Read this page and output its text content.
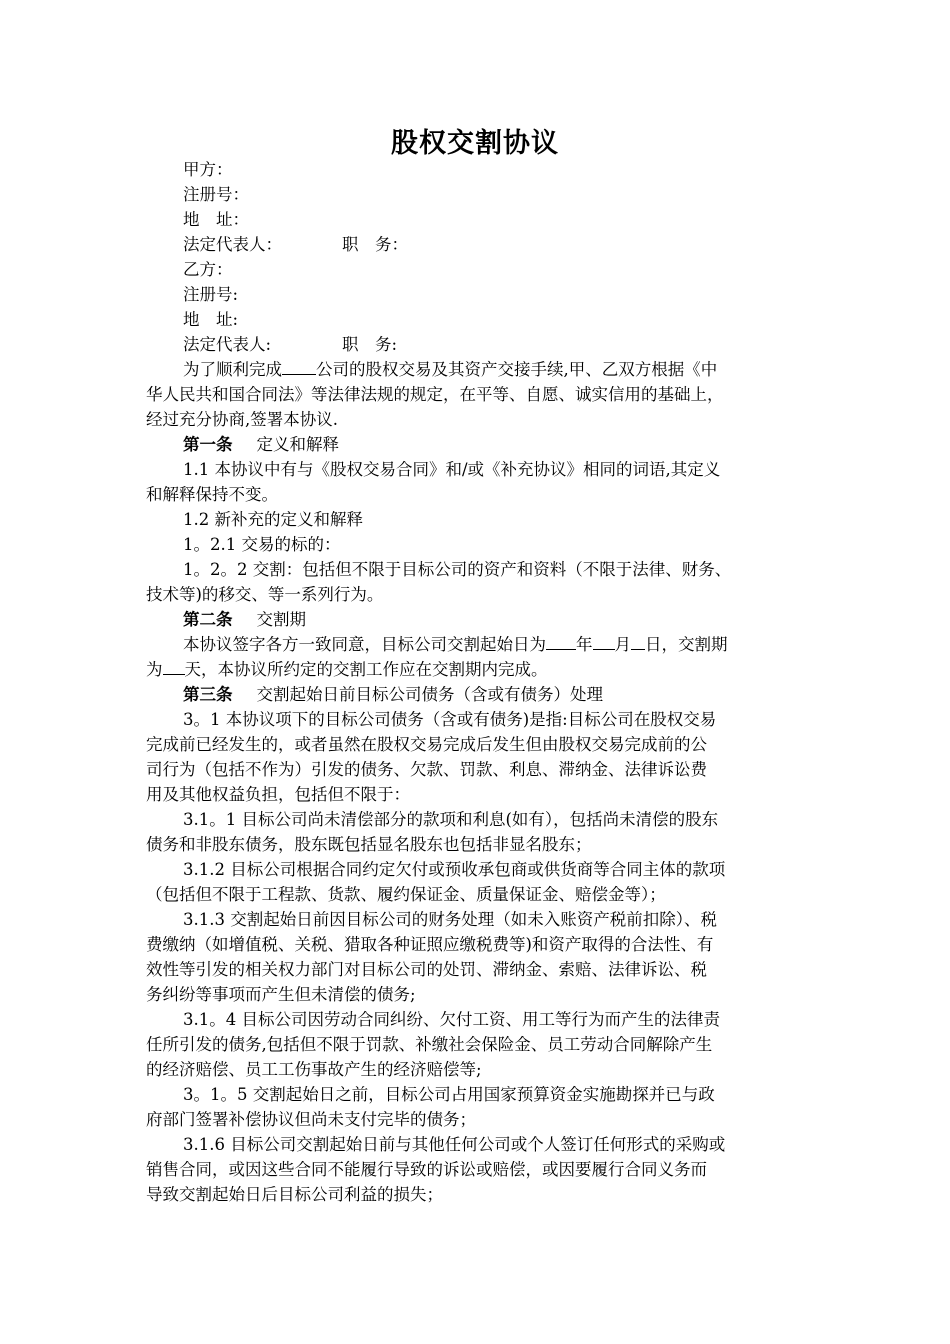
股权交割协议
甲方：
注册号：
地　址：
法定代表人：	职　务：
乙方：
注册号:
地　址:
法定代表人:	职　务:
为了顺利完成 公司的股权交易及其资产交接手续,甲、乙双方根据《中
华人民共和国合同法》等法律法规的规定，在平等、自愿、诚实信用的基础上，
经过充分协商,签署本协议.
第一条 定义和解释
1.1 本协议中有与《股权交易合同》和/或《补充协议》相同的词语,其定义
和解释保持不变。
1.2 新补充的定义和解释
1。2.1 交易的标的：
1。2。2 交割：包括但不限于目标公司的资产和资料（不限于法律、财务、
技术等)的移交、等一系列行为。
第二条 交割期
本协议签字各方一致同意，目标公司交割起始日为 年 月 日，交割期
为 天，本协议所约定的交割工作应在交割期内完成。
第三条 交割起始日前目标公司债务（含或有债务）处理
3。1 本协议项下的目标公司债务（含或有债务)是指:目标公司在股权交易
完成前已经发生的，或者虽然在股权交易完成后发生但由股权交易完成前的公
司行为（包括不作为）引发的债务、欠款、罚款、利息、滞纳金、法律诉讼费
用及其他权益负担，包括但不限于：
3.1。1 目标公司尚未清偿部分的款项和利息(如有），包括尚未清偿的股东
债务和非股东债务，股东既包括显名股东也包括非显名股东；
3.1.2 目标公司根据合同约定欠付或预收承包商或供货商等合同主体的款项
（包括但不限于工程款、货款、履约保证金、质量保证金、赔偿金等）；
3.1.3 交割起始日前因目标公司的财务处理（如未入账资产税前扣除）、税
费缴纳（如增值税、关税、猎取各种证照应缴税费等)和资产取得的合法性、有
效性等引发的相关权力部门对目标公司的处罚、滞纳金、索赔、法律诉讼、税
务纠纷等事项而产生但未清偿的债务;
3.1。4 目标公司因劳动合同纠纷、欠付工资、用工等行为而产生的法律责
任所引发的债务,包括但不限于罚款、补缴社会保险金、员工劳动合同解除产生
的经济赔偿、员工工伤事故产生的经济赔偿等;
3。1。5 交割起始日之前，目标公司占用国家预算资金实施勘探并已与政
府部门签署补偿协议但尚未支付完毕的债务；
3.1.6 目标公司交割起始日前与其他任何公司或个人签订任何形式的采购或
销售合同，或因这些合同不能履行导致的诉讼或赔偿，或因要履行合同义务而
导致交割起始日后目标公司利益的损失；
